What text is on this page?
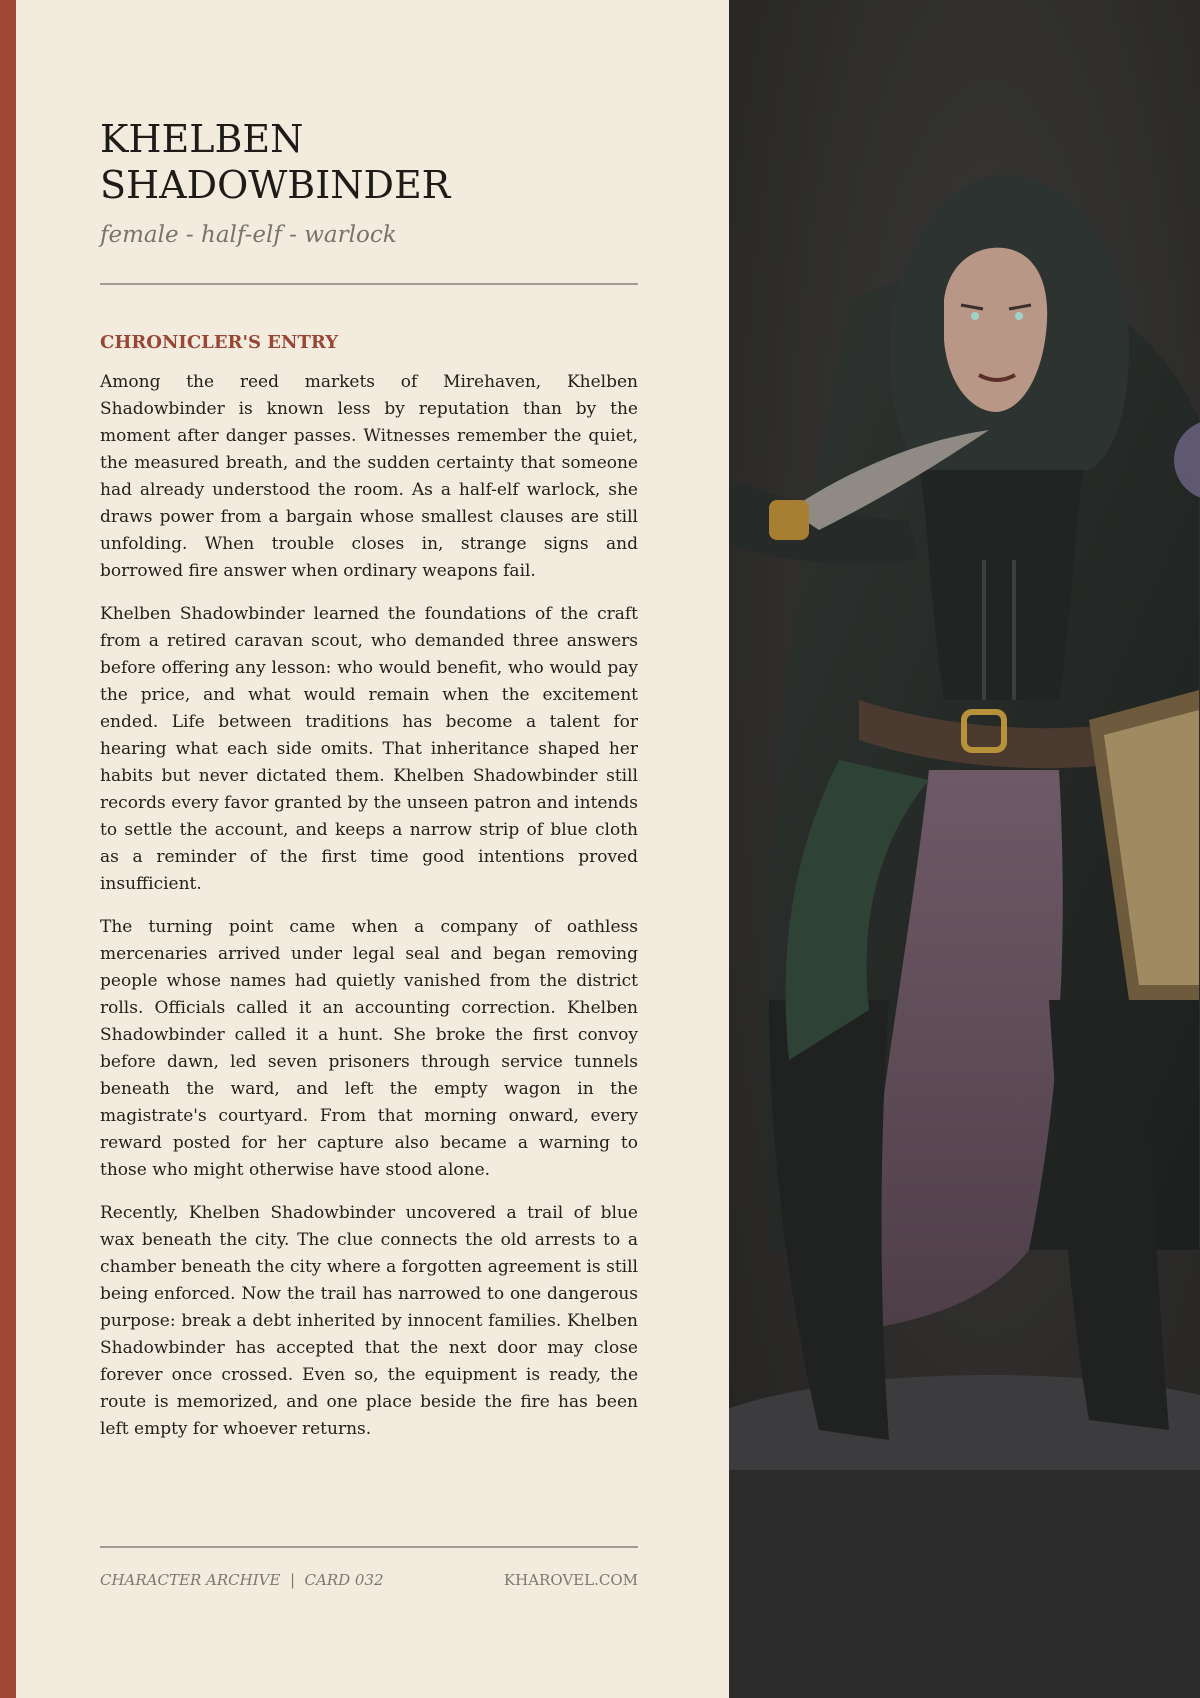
KHELBEN SHADOWBINDER

female - half-elf - warlock

CHRONICLER'S ENTRY

Among the reed markets of Mirehaven, Khelben Shadowbinder is known less by reputation than by the moment after danger passes. Witnesses remember the quiet, the measured breath, and the sudden certainty that someone had already understood the room. As a half-elf warlock, she draws power from a bargain whose smallest clauses are still unfolding. When trouble closes in, strange signs and borrowed fire answer when ordinary weapons fail.

Khelben Shadowbinder learned the foundations of the craft from a retired caravan scout, who demanded three answers before offering any lesson: who would benefit, who would pay the price, and what would remain when the excitement ended. Life between traditions has become a talent for hearing what each side omits. That inheritance shaped her habits but never dictated them. Khelben Shadowbinder still records every favor granted by the unseen patron and intends to settle the account, and keeps a narrow strip of blue cloth as a reminder of the first time good intentions proved insufficient.

The turning point came when a company of oathless mercenaries arrived under legal seal and began removing people whose names had quietly vanished from the district rolls. Officials called it an accounting correction. Khelben Shadowbinder called it a hunt. She broke the first convoy before dawn, led seven prisoners through service tunnels beneath the ward, and left the empty wagon in the magistrate's courtyard. From that morning onward, every reward posted for her capture also became a warning to those who might otherwise have stood alone.

Recently, Khelben Shadowbinder uncovered a trail of blue wax beneath the city. The clue connects the old arrests to a chamber beneath the city where a forgotten agreement is still being enforced. Now the trail has narrowed to one dangerous purpose: break a debt inherited by innocent families. Khelben Shadowbinder has accepted that the next door may close forever once crossed. Even so, the equipment is ready, the route is memorized, and one place beside the fire has been left empty for whoever returns.

CHARACTER ARCHIVE  |  CARD 032	KHAROVEL.COM
